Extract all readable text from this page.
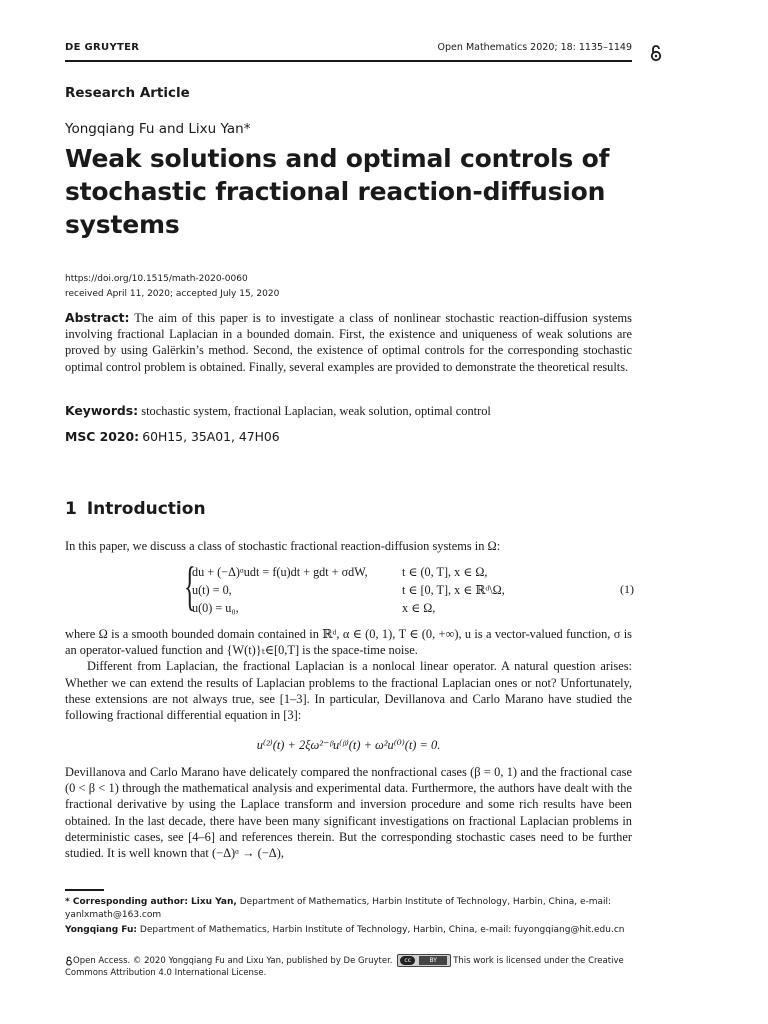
DE GRUYTER	Open Mathematics 2020; 18: 1135–1149
Research Article
Yongqiang Fu and Lixu Yan*
Weak solutions and optimal controls of stochastic fractional reaction-diffusion systems
https://doi.org/10.1515/math-2020-0060
received April 11, 2020; accepted July 15, 2020

Abstract: The aim of this paper is to investigate a class of nonlinear stochastic reaction-diffusion systems involving fractional Laplacian in a bounded domain. First, the existence and uniqueness of weak solutions are proved by using Galërkin’s method. Second, the existence of optimal controls for the corresponding stochastic optimal control problem is obtained. Finally, several examples are provided to demonstrate the theoretical results.

Keywords: stochastic system, fractional Laplacian, weak solution, optimal control

MSC 2020: 60H15, 35A01, 47H06

1 Introduction

In this paper, we discuss a class of stochastic fractional reaction-diffusion systems in Ω:

{
du + (−Δ)ᵅudt = f(u)dt + gdt + σdW,	t ∈ (0, T], x ∈ Ω,
u(t) = 0,	t ∈ [0, T], x ∈ ℝᵈ\Ω,
u(0) = u₀,	x ∈ Ω,
(1)

where Ω is a smooth bounded domain contained in ℝᵈ, α ∈ (0, 1), T ∈ (0, +∞), u is a vector-valued function, σ is an operator-valued function and {W(t)}ₜ∈[0,T] is the space-time noise.
Different from Laplacian, the fractional Laplacian is a nonlocal linear operator. A natural question arises: Whether we can extend the results of Laplacian problems to the fractional Laplacian ones or not? Unfortunately, these extensions are not always true, see [1–3]. In particular, Devillanova and Carlo Marano have studied the following fractional differential equation in [3]:

u⁽²⁾(t) + 2ξω²⁻ᵝu⁽ᵝ⁾(t) + ω²u⁽⁰⁾(t) = 0.

Devillanova and Carlo Marano have delicately compared the nonfractional cases (β = 0, 1) and the fractional case (0 < β < 1) through the mathematical analysis and experimental data. Furthermore, the authors have dealt with the fractional derivative by using the Laplace transform and inversion procedure and some rich results have been obtained. In the last decade, there have been many significant investigations on fractional Laplacian problems in deterministic cases, see [4–6] and references therein. But the corresponding stochastic cases need to be further studied. It is well known that (−Δ)ᵅ → (−Δ),

* Corresponding author: Lixu Yan, Department of Mathematics, Harbin Institute of Technology, Harbin, China, e-mail: yanlxmath@163.com

Yongqiang Fu: Department of Mathematics, Harbin Institute of Technology, Harbin, China, e-mail: fuyongqiang@hit.edu.cn

Open Access. © 2020 Yongqiang Fu and Lixu Yan, published by De Gruyter.	cc	BY	This work is licensed under the Creative Commons Attribution 4.0 International License.
